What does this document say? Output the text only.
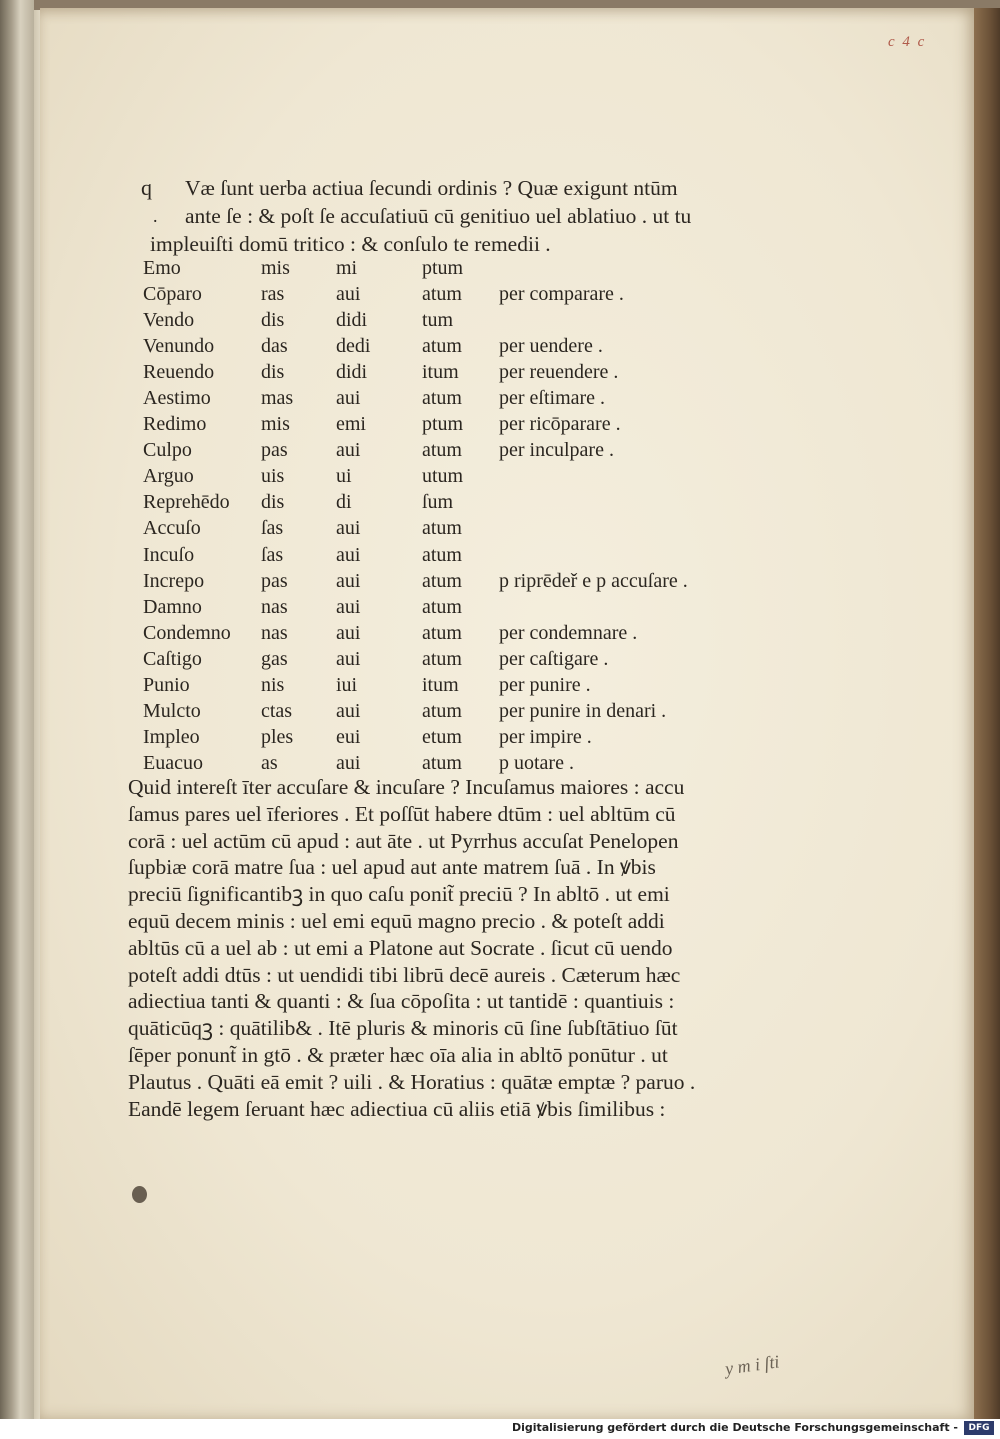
c 4 c
q
.
Væ ſunt uerba actiua ſecundi ordinis ? Quæ exigunt ntūm
ante ſe : & poſt ſe accuſatiuū cū genitiuo uel ablatiuo . ut tu
impleuiſti domū tritico : & conſulo te remedii .
Emo	mis	mi	ptum	
Cōparo	ras	aui	atum	per comparare .
Vendo	dis	didi	tum	
Venundo	das	dedi	atum	per uendere .
Reuendo	dis	didi	itum	per reuendere .
Aestimo	mas	aui	atum	per eſtimare .
Redimo	mis	emi	ptum	per ricōparare .
Culpo	pas	aui	atum	per inculpare .
Arguo	uis	ui	utum	
Reprehēdo	dis	di	ſum	
Accuſo	ſas	aui	atum	
Incuſo	ſas	aui	atum	
Increpo	pas	aui	atum	p riprēdeř e p accuſare .
Damno	nas	aui	atum	
Condemno	nas	aui	atum	per condemnare .
Caſtigo	gas	aui	atum	per caſtigare .
Punio	nis	iui	itum	per punire .
Mulcto	ctas	aui	atum	per punire in denari .
Impleo	ples	eui	etum	per impire .
Euacuo	as	aui	atum	p uotare .
Quid intereſt īter accuſare & incuſare ? Incuſamus maiores : accu
ſamus pares uel īferiores . Et poſſūt habere dtūm : uel abltūm cū
corā : uel actūm cū apud : aut āte . ut Pyrrhus accuſat Penelopen
ſupbiæ corā matre ſua : uel apud aut ante matrem ſuā . In ꝟbis
preciū ſignificantibꝫ in quo caſu ponit̃ preciū ? In abltō . ut emi
equū decem minis : uel emi equū magno precio . & poteſt addi
abltūs cū a uel ab : ut emi a Platone aut Socrate . ſicut cū uendo
poteſt addi dtūs : ut uendidi tibi librū decē aureis . Cæterum hæc
adiectiua tanti & quanti : & ſua cōpoſita : ut tantidē : quantiuis :
quāticūqꝫ : quātilib& . Itē pluris & minoris cū ſine ſubſtātiuo ſūt
ſēper ponunt̃ in gtō . & præter hæc oīa alia in abltō ponūtur . ut
Plautus . Quāti eā emit ? uili . & Horatius : quātæ emptæ ? paruo .
Eandē legem ſeruant hæc adiectiua cū aliis etiā ꝟbis ſimilibus :
y m i ſti
Digitalisierung gefördert durch die Deutsche Forschungsgemeinschaft -	DFG
